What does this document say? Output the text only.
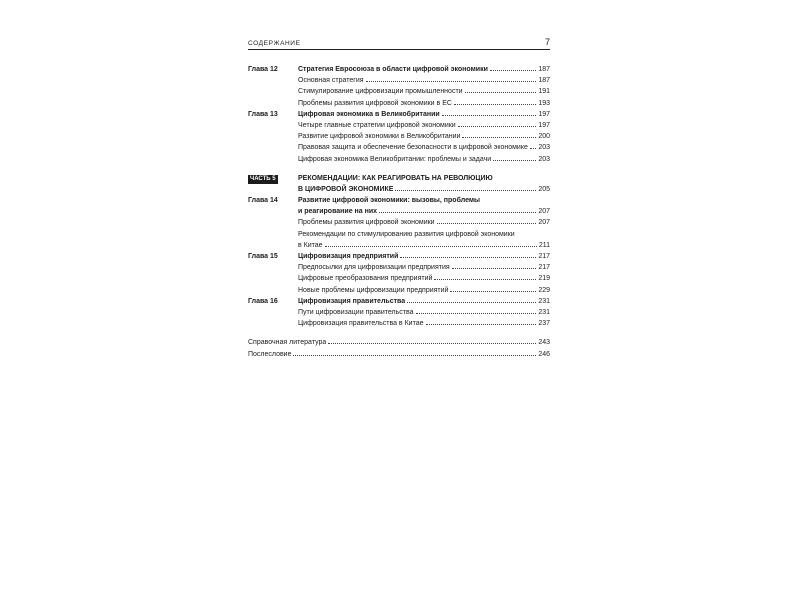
СОДЕРЖАНИЕ	7
Глава 12	Стратегия Евросоюза в области цифровой экономики	187
Основная стратегия	187
Стимулирование цифровизации промышленности	191
Проблемы развития цифровой экономики в ЕС	193
Глава 13	Цифровая экономика в Великобритании	197
Четыре главные стратегии цифровой экономики	197
Развитие цифровой экономики в Великобритании	200
Правовая защита и обеспечение безопасности в цифровой экономике 203
Цифровая экономика Великобритании: проблемы и задачи	203
ЧАСТЬ 5	РЕКОМЕНДАЦИИ: КАК РЕАГИРОВАТЬ НА РЕВОЛЮЦИЮ
В ЦИФРОВОЙ ЭКОНОМИКЕ	205
Глава 14	Развитие цифровой экономики: вызовы, проблемы
и реагирование на них	207
Проблемы развития цифровой экономики	207
Рекомендации по стимулированию развития цифровой экономики
в Китае	211
Глава 15	Цифровизация предприятий	217
Предпосылки для цифровизации предприятия	217
Цифровые преобразования предприятий	219
Новые проблемы цифровизации предприятий	229
Глава 16	Цифровизация правительства	231
Пути цифровизации правительства	231
Цифровизация правительства в Китае	237
Справочная литература	243
Послесловие	246
